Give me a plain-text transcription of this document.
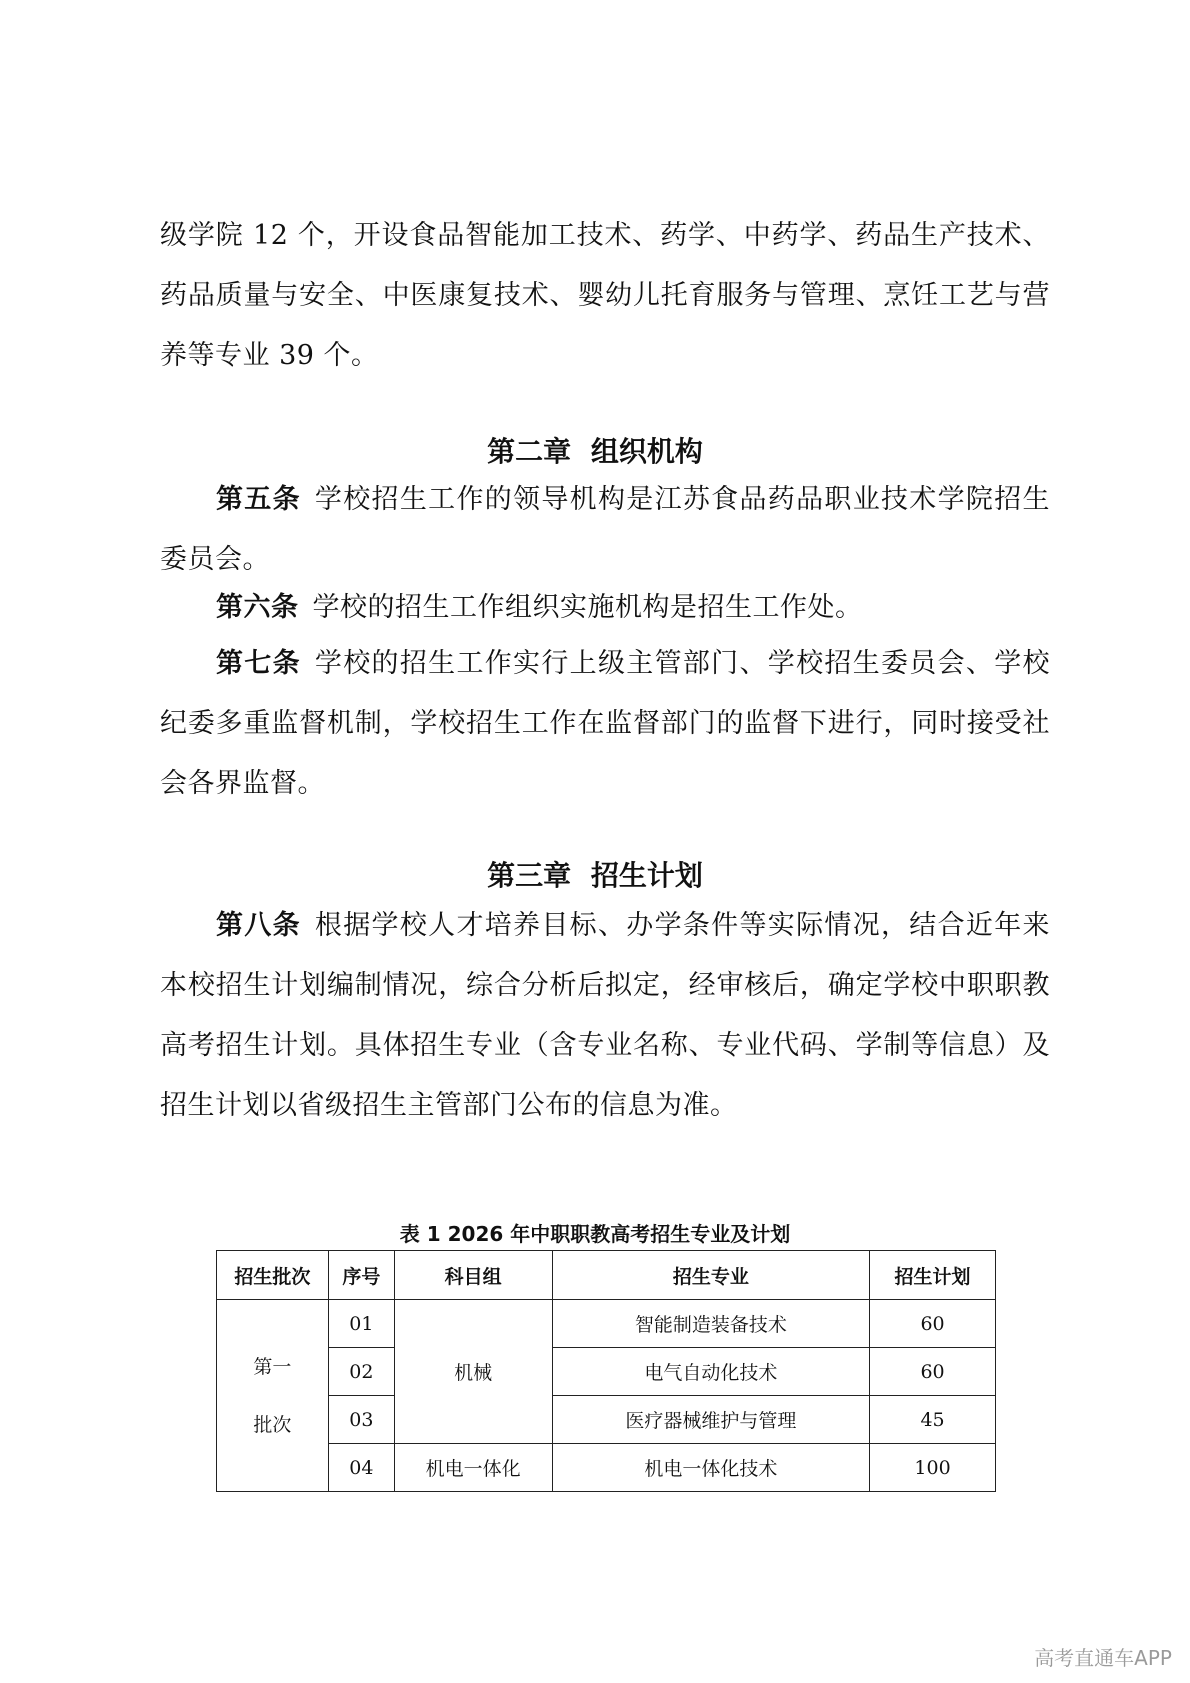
级学院 12 个，开设食品智能加工技术、药学、中药学、药品生产技术、药品质量与安全、中医康复技术、婴幼儿托育服务与管理、烹饪工艺与营养等专业 39 个。

第二章 组织机构

第五条 学校招生工作的领导机构是江苏食品药品职业技术学院招生委员会。

第六条 学校的招生工作组织实施机构是招生工作处。

第七条 学校的招生工作实行上级主管部门、学校招生委员会、学校纪委多重监督机制，学校招生工作在监督部门的监督下进行，同时接受社会各界监督。

第三章 招生计划

第八条 根据学校人才培养目标、办学条件等实际情况，结合近年来本校招生计划编制情况，综合分析后拟定，经审核后，确定学校中职职教高考招生计划。具体招生专业（含专业名称、专业代码、学制等信息）及招生计划以省级招生主管部门公布的信息为准。

表 1 2026 年中职职教高考招生专业及计划

招生批次	序号	科目组	招生专业	招生计划

第一
批次	01	机械	智能制造装备技术	60
	02		电气自动化技术	60
	03		医疗器械维护与管理	45
	04	机电一体化	机电一体化技术	100
高考直通车APP
